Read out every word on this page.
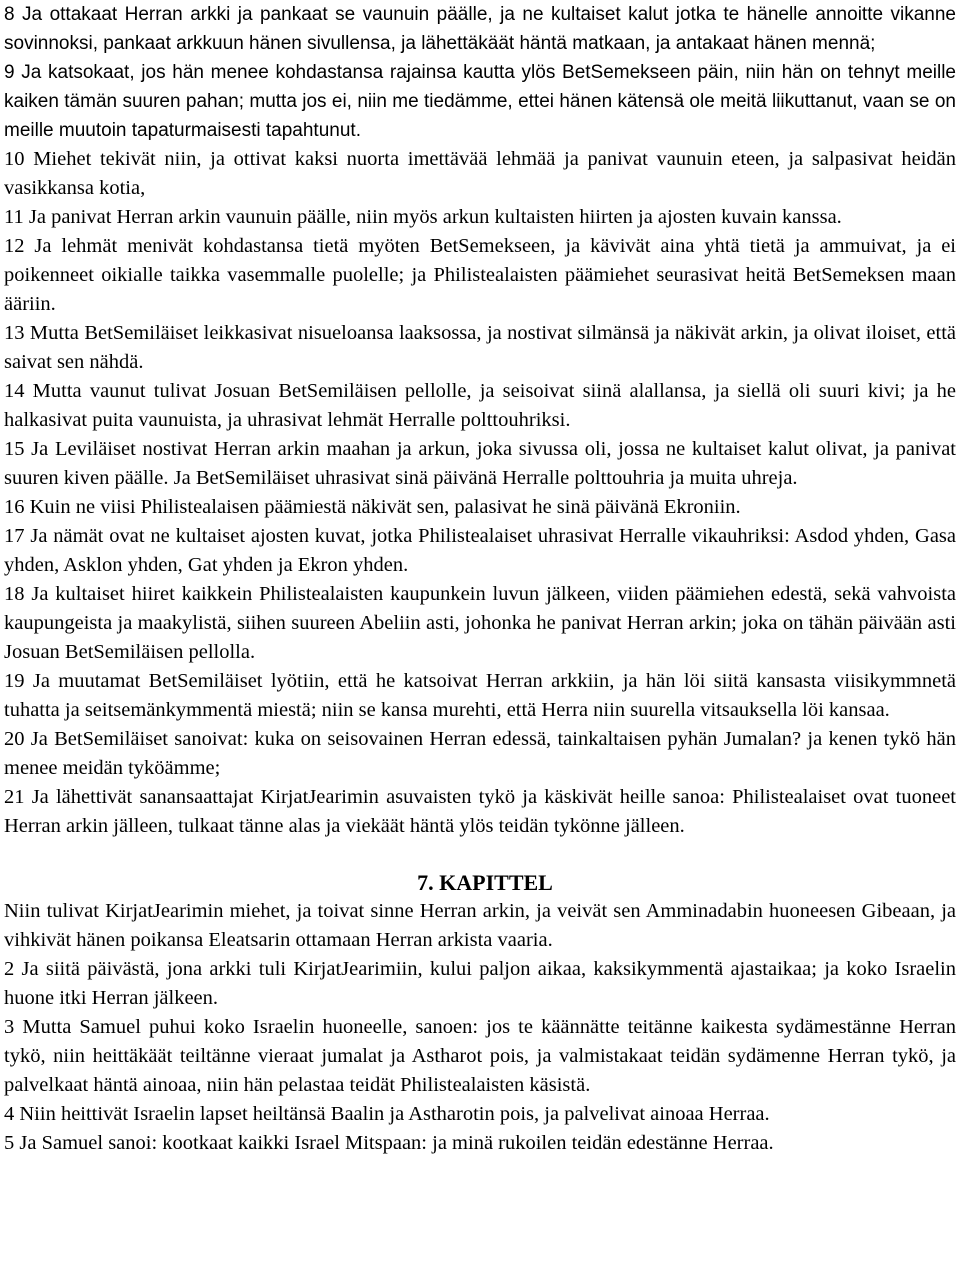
8 Ja ottakaat Herran arkki ja pankaat se vaunuin päälle, ja ne kultaiset kalut jotka te hänelle annoitte vikanne sovinnoksi, pankaat arkkuun hänen sivullensa, ja lähettäkäät häntä matkaan, ja antakaat hänen mennä;

9 Ja katsokaat, jos hän menee kohdastansa rajainsa kautta ylös BetSemekseen päin, niin hän on tehnyt meille kaiken tämän suuren pahan; mutta jos ei, niin me tiedämme, ettei hänen kätensä ole meitä liikuttanut, vaan se on meille muutoin tapaturmaisesti tapahtunut.

10 Miehet tekivät niin, ja ottivat kaksi nuorta imettävää lehmää ja panivat vaunuin eteen, ja salpasivat heidän vasikkansa kotia,

11 Ja panivat Herran arkin vaunuin päälle, niin myös arkun kultaisten hiirten ja ajosten kuvain kanssa.

12 Ja lehmät menivät kohdastansa tietä myöten BetSemekseen, ja kävivät aina yhtä tietä ja ammuivat, ja ei poikenneet oikialle taikka vasemmalle puolelle; ja Philistealaisten päämiehet seurasivat heitä BetSemeksen maan ääriin.

13 Mutta BetSemiläiset leikkasivat nisueloansa laaksossa, ja nostivat silmänsä ja näkivät arkin, ja olivat iloiset, että saivat sen nähdä.

14 Mutta vaunut tulivat Josuan BetSemiläisen pellolle, ja seisoivat siinä alallansa, ja siellä oli suuri kivi; ja he halkasivat puita vaunuista, ja uhrasivat lehmät Herralle polttouhriksi.

15 Ja Leviläiset nostivat Herran arkin maahan ja arkun, joka sivussa oli, jossa ne kultaiset kalut olivat, ja panivat suuren kiven päälle. Ja BetSemiläiset uhrasivat sinä päivänä Herralle polttouhria ja muita uhreja.

16 Kuin ne viisi Philistealaisen päämiestä näkivät sen, palasivat he sinä päivänä Ekroniin.

17 Ja nämät ovat ne kultaiset ajosten kuvat, jotka Philistealaiset uhrasivat Herralle vikauhriksi: Asdod yhden, Gasa yhden, Asklon yhden, Gat yhden ja Ekron yhden.

18 Ja kultaiset hiiret kaikkein Philistealaisten kaupunkein luvun jälkeen, viiden päämiehen edestä, sekä vahvoista kaupungeista ja maakylistä, siihen suureen Abeliin asti, johonka he panivat Herran arkin; joka on tähän päivään asti Josuan BetSemiläisen pellolla.

19 Ja muutamat BetSemiläiset lyötiin, että he katsoivat Herran arkkiin, ja hän löi siitä kansasta viisikymmnetä tuhatta ja seitsemänkymmentä miestä; niin se kansa murehti, että Herra niin suurella vitsauksella löi kansaa.

20 Ja BetSemiläiset sanoivat: kuka on seisovainen Herran edessä, tainkaltaisen pyhän Jumalan? ja kenen tykö hän menee meidän tyköämme;

21 Ja lähettivät sanansaattajat KirjatJearimin asuvaisten tykö ja käskivät heille sanoa: Philistealaiset ovat tuoneet Herran arkin jälleen, tulkaat tänne alas ja viekäät häntä ylös teidän tykönne jälleen.

7. KAPITTEL

Niin tulivat KirjatJearimin miehet, ja toivat sinne Herran arkin, ja veivät sen Amminadabin huoneesen Gibeaan, ja vihkivät hänen poikansa Eleatsarin ottamaan Herran arkista vaaria.

2 Ja siitä päivästä, jona arkki tuli KirjatJearimiin, kului paljon aikaa, kaksikymmentä ajastaikaa; ja koko Israelin huone itki Herran jälkeen.

3 Mutta Samuel puhui koko Israelin huoneelle, sanoen: jos te käännätte teitänne kaikesta sydämestänne Herran tykö, niin heittäkäät teiltänne vieraat jumalat ja Astharot pois, ja valmistakaat teidän sydämenne Herran tykö, ja palvelkaat häntä ainoaa, niin hän pelastaa teidät Philistealaisten käsistä.

4 Niin heittivät Israelin lapset heiltänsä Baalin ja Astharotin pois, ja palvelivat ainoaa Herraa.

5 Ja Samuel sanoi: kootkaat kaikki Israel Mitspaan: ja minä rukoilen teidän edestänne Herraa.
